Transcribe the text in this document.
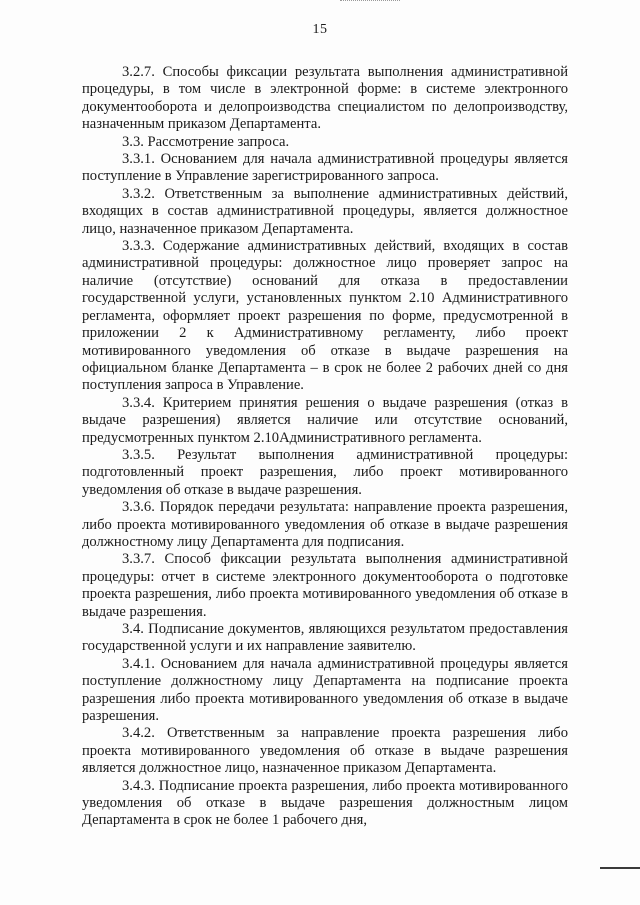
15

3.2.7. Способы фиксации результата выполнения административной процедуры, в том числе в электронной форме: в системе электронного документооборота и делопроизводства специалистом по делопроизводству, назначенным приказом Департамента.

3.3. Рассмотрение запроса.

3.3.1. Основанием для начала административной процедуры является поступление в Управление зарегистрированного запроса.

3.3.2. Ответственным за выполнение административных действий, входящих в состав административной процедуры, является должностное лицо, назначенное приказом Департамента.

3.3.3. Содержание административных действий, входящих в состав административной процедуры: должностное лицо проверяет запрос на наличие (отсутствие) оснований для отказа в предоставлении государственной услуги, установленных пунктом 2.10 Административного регламента, оформляет проект разрешения по форме, предусмотренной в приложении 2 к Административному регламенту, либо проект мотивированного уведомления об отказе в выдаче разрешения на официальном бланке Департамента – в срок не более 2 рабочих дней со дня поступления запроса в Управление.

3.3.4. Критерием принятия решения о выдаче разрешения (отказ в выдаче разрешения) является наличие или отсутствие оснований, предусмотренных пунктом 2.10Административного регламента.

3.3.5. Результат выполнения административной процедуры: подготовленный проект разрешения, либо проект мотивированного уведомления об отказе в выдаче разрешения.

3.3.6. Порядок передачи результата: направление проекта разрешения, либо проекта мотивированного уведомления об отказе в выдаче разрешения должностному лицу Департамента для подписания.

3.3.7. Способ фиксации результата выполнения административной процедуры: отчет в системе электронного документооборота о подготовке проекта разрешения, либо проекта мотивированного уведомления об отказе в выдаче разрешения.

3.4. Подписание документов, являющихся результатом предоставления государственной услуги и их направление заявителю.

3.4.1. Основанием для начала административной процедуры является поступление должностному лицу Департамента на подписание проекта разрешения либо проекта мотивированного уведомления об отказе в выдаче разрешения.

3.4.2. Ответственным за направление проекта разрешения либо проекта мотивированного уведомления об отказе в выдаче разрешения является должностное лицо, назначенное приказом Департамента.

3.4.3. Подписание проекта разрешения, либо проекта мотивированного уведомления об отказе в выдаче разрешения должностным лицом Департамента в срок не более 1 рабочего дня,
